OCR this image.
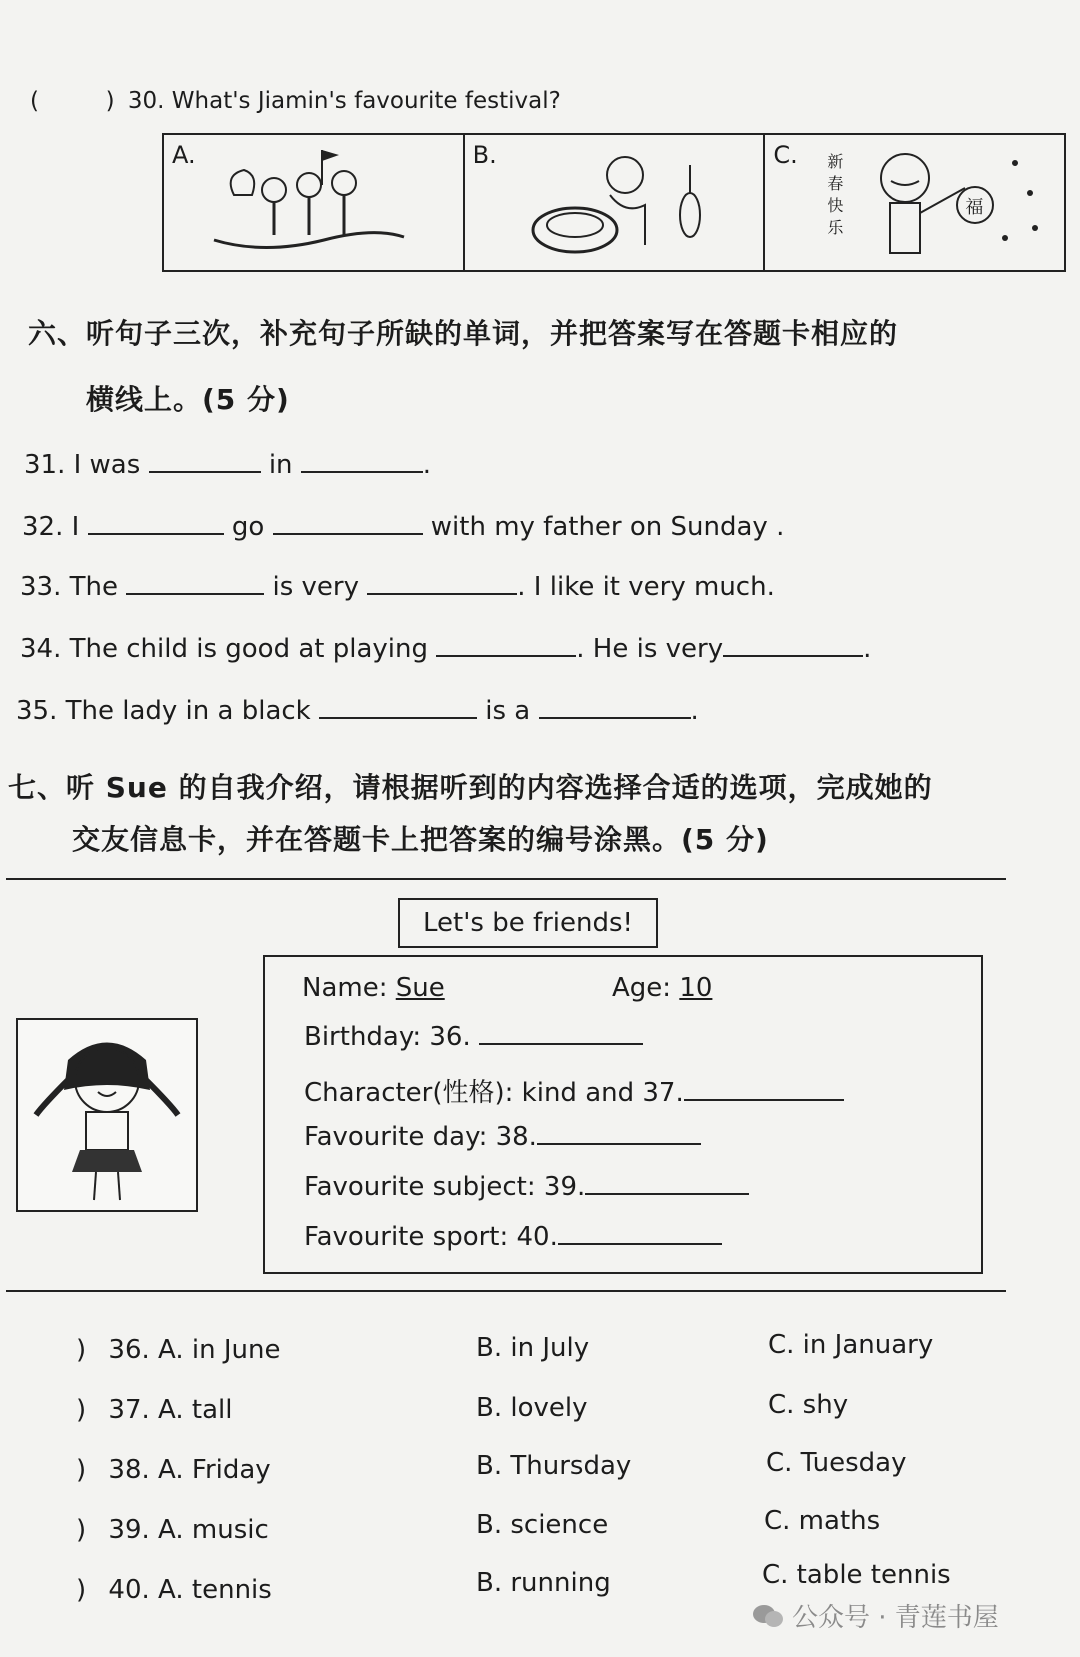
(	) 30. What's Jiamin's favourite festival?
A.	B.	C. 新
春
快
乐
福
六、听句子三次，补充句子所缺的单词，并把答案写在答题卡相应的
横线上。(5 分)
31. I was	in	.
32. I	go	with my father on Sunday .
33. The	is very	. I like it very much.
34. The child is good at playing	. He is very	.
35. The lady in a black	is a	.
七、听 Sue 的自我介绍，请根据听到的内容选择合适的选项，完成她的
交友信息卡，并在答题卡上把答案的编号涂黑。(5 分)
Let's be friends!
Name: Sue	Age: 10
Birthday: 36.
Character(性格): kind and 37.
Favourite day: 38.
Favourite subject: 39.
Favourite sport: 40.
) 36. A. in June	B. in July	C. in January
) 37. A. tall	B. lovely	C. shy
) 38. A. Friday	B. Thursday	C. Tuesday
) 39. A. music	B. science	C. maths
) 40. A. tennis	B. running	C. table tennis
公众号 · 青莲书屋
